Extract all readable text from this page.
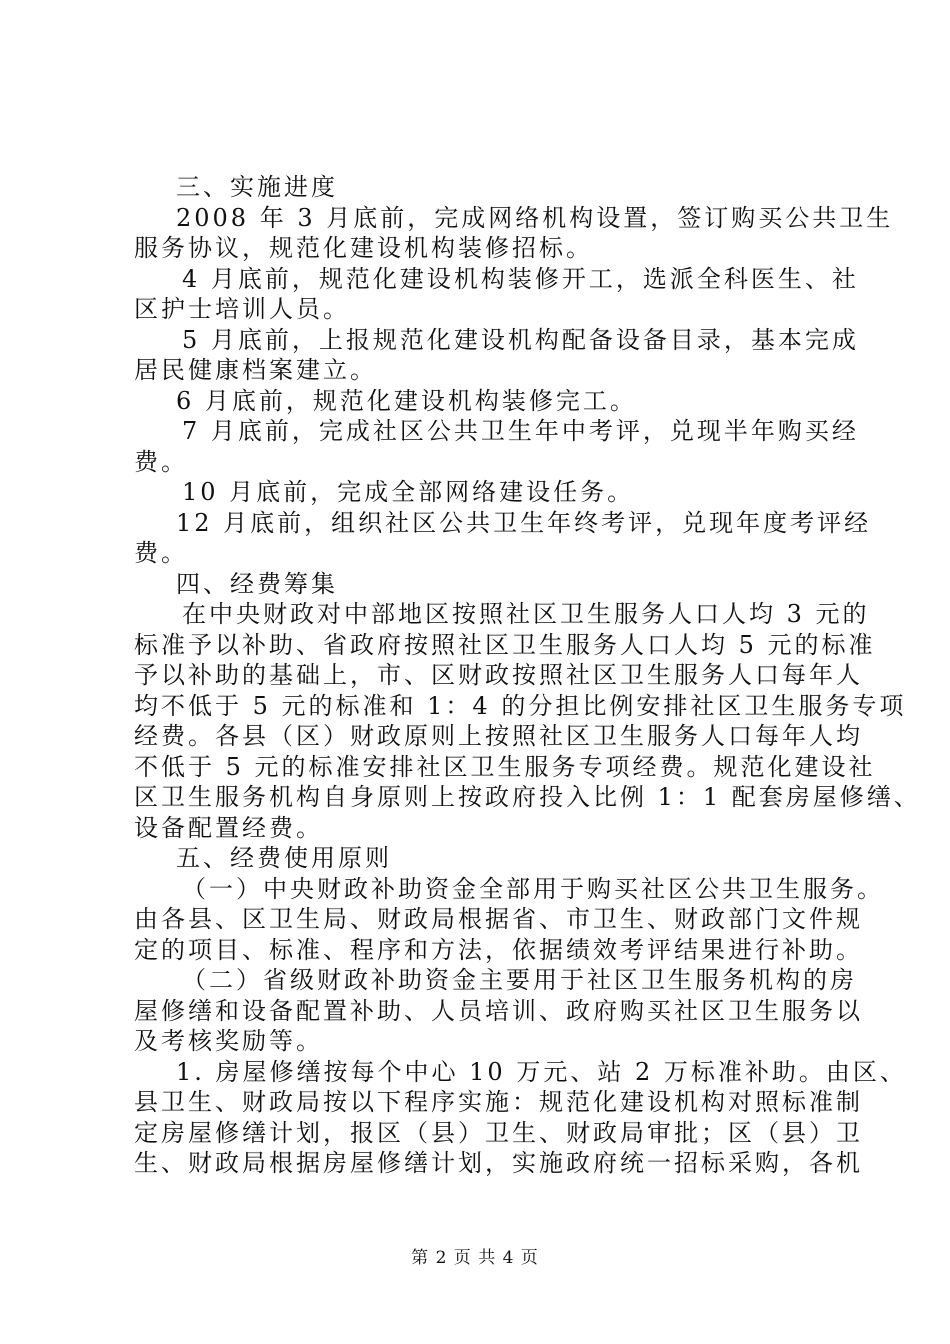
三、实施进度
2008 年 3 月底前，完成网络机构设置，签订购买公共卫生
服务协议，规范化建设机构装修招标。
4 月底前，规范化建设机构装修开工，选派全科医生、社
区护士培训人员。
5 月底前，上报规范化建设机构配备设备目录，基本完成
居民健康档案建立。
6 月底前，规范化建设机构装修完工。
7 月底前，完成社区公共卫生年中考评，兑现半年购买经
费。
10 月底前，完成全部网络建设任务。
12 月底前，组织社区公共卫生年终考评，兑现年度考评经
费。
四、经费筹集
在中央财政对中部地区按照社区卫生服务人口人均 3 元的
标准予以补助、省政府按照社区卫生服务人口人均 5 元的标准
予以补助的基础上，市、区财政按照社区卫生服务人口每年人
均不低于 5 元的标准和 1：4 的分担比例安排社区卫生服务专项
经费。各县（区）财政原则上按照社区卫生服务人口每年人均
不低于 5 元的标准安排社区卫生服务专项经费。规范化建设社
区卫生服务机构自身原则上按政府投入比例 1：1 配套房屋修缮、
设备配置经费。
五、经费使用原则
（一）中央财政补助资金全部用于购买社区公共卫生服务。
由各县、区卫生局、财政局根据省、市卫生、财政部门文件规
定的项目、标准、程序和方法，依据绩效考评结果进行补助。
（二）省级财政补助资金主要用于社区卫生服务机构的房
屋修缮和设备配置补助、人员培训、政府购买社区卫生服务以
及考核奖励等。
1. 房屋修缮按每个中心 10 万元、站 2 万标准补助。由区、
县卫生、财政局按以下程序实施：规范化建设机构对照标准制
定房屋修缮计划，报区（县）卫生、财政局审批；区（县）卫
生、财政局根据房屋修缮计划，实施政府统一招标采购，各机
第 2 页 共 4 页
